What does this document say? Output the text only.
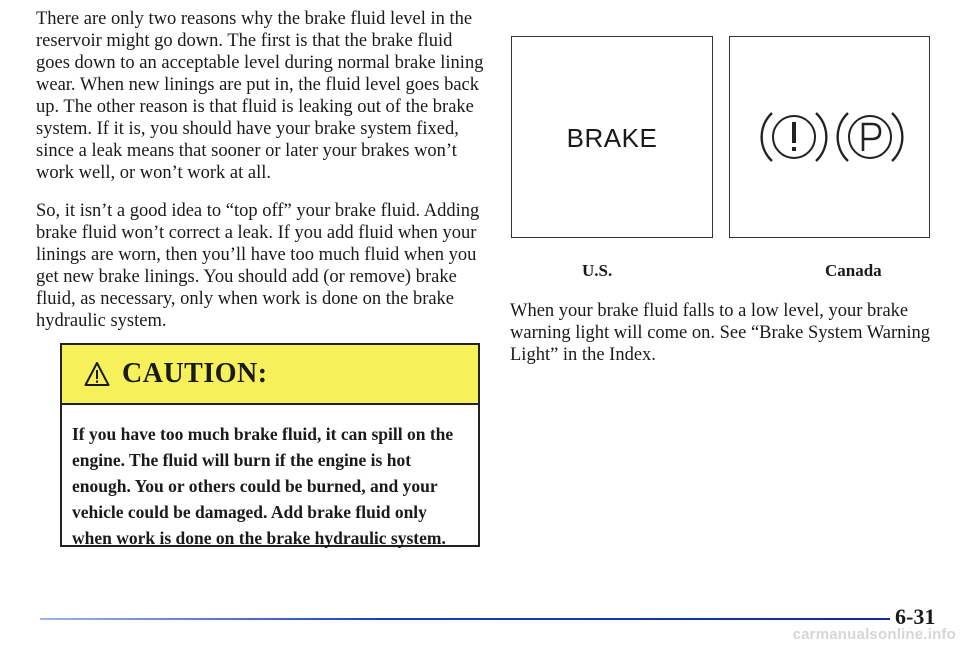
There are only two reasons why the brake fluid level in the reservoir might go down. The first is that the brake fluid goes down to an acceptable level during normal brake lining wear. When new linings are put in, the fluid level goes back up. The other reason is that fluid is leaking out of the brake system. If it is, you should have your brake system fixed, since a leak means that sooner or later your brakes won’t work well, or won’t work at all.

So, it isn’t a good idea to “top off” your brake fluid. Adding brake fluid won’t correct a leak. If you add fluid when your linings are worn, then you’ll have too much fluid when you get new brake linings. You should add (or remove) brake fluid, as necessary, only when work is done on the brake hydraulic system.

CAUTION:
If you have too much brake fluid, it can spill on the engine. The fluid will burn if the engine is hot enough. You or others could be burned, and your vehicle could be damaged. Add brake fluid only when work is done on the brake hydraulic system.
BRAKE
U.S.	Canada

When your brake fluid falls to a low level, your brake warning light will come on. See “Brake System Warning Light” in the Index.

6-31
carmanualsonline.info
